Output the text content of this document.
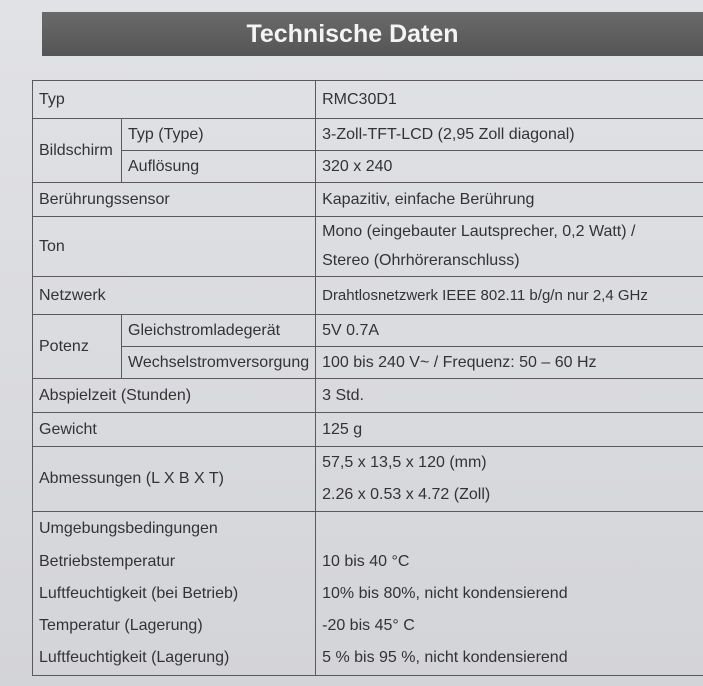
Technische Daten
Typ		RMC30D1
Bildschirm	Typ (Type)	3-Zoll-TFT-LCD (2,95 Zoll diagonal)
	Auflösung	320 x 240
Berührungssensor		Kapazitiv, einfache Berührung
Ton		Mono (eingebauter Lautsprecher, 0,2 Watt) /
		Stereo (Ohrhöreranschluss)
Netzwerk		Drahtlosnetzwerk IEEE 802.11 b/g/n nur 2,4 GHz
Potenz	Gleichstromladegerät	5V 0.7A
	Wechselstromversorgung	100 bis 240 V~ / Frequenz: 50 – 60 Hz
Abspielzeit (Stunden)		3 Std.
Gewicht		125 g
Abmessungen (L X B X T)		57,5 x 13,5 x 120 (mm)
		2.26 x 0.53 x 4.72 (Zoll)
Umgebungsbedingungen		
Betriebstemperatur		10 bis 40 °C
Luftfeuchtigkeit (bei Betrieb)		10% bis 80%, nicht kondensierend
Temperatur (Lagerung)		-20 bis 45° C
Luftfeuchtigkeit (Lagerung)		5 % bis 95 %, nicht kondensierend
